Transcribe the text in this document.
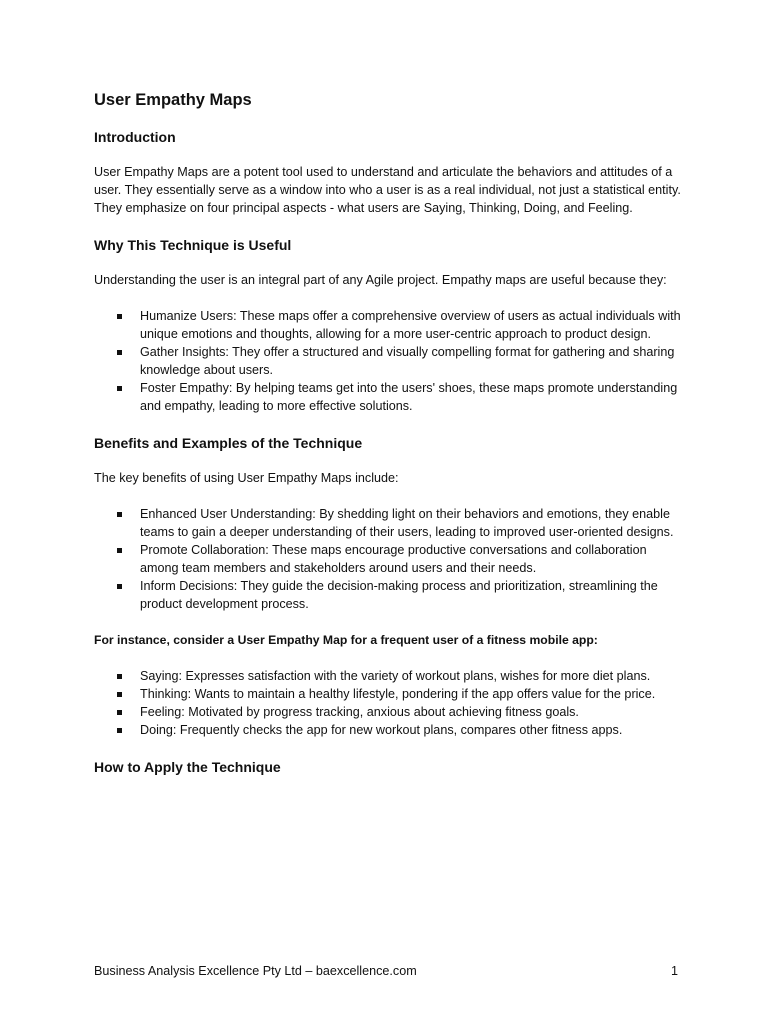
User Empathy Maps
Introduction

User Empathy Maps are a potent tool used to understand and articulate the behaviors and attitudes of a user. They essentially serve as a window into who a user is as a real individual, not just a statistical entity. They emphasize on four principal aspects - what users are Saying, Thinking, Doing, and Feeling.

Why This Technique is Useful

Understanding the user is an integral part of any Agile project. Empathy maps are useful because they:

Humanize Users: These maps offer a comprehensive overview of users as actual individuals with unique emotions and thoughts, allowing for a more user-centric approach to product design.
Gather Insights: They offer a structured and visually compelling format for gathering and sharing knowledge about users.
Foster Empathy: By helping teams get into the users' shoes, these maps promote understanding and empathy, leading to more effective solutions.
Benefits and Examples of the Technique

The key benefits of using User Empathy Maps include:

Enhanced User Understanding: By shedding light on their behaviors and emotions, they enable teams to gain a deeper understanding of their users, leading to improved user-oriented designs.
Promote Collaboration: These maps encourage productive conversations and collaboration among team members and stakeholders around users and their needs.
Inform Decisions: They guide the decision-making process and prioritization, streamlining the product development process.

For instance, consider a User Empathy Map for a frequent user of a fitness mobile app:

Saying: Expresses satisfaction with the variety of workout plans, wishes for more diet plans.
Thinking: Wants to maintain a healthy lifestyle, pondering if the app offers value for the price.
Feeling: Motivated by progress tracking, anxious about achieving fitness goals.
Doing: Frequently checks the app for new workout plans, compares other fitness apps.
How to Apply the Technique
Business Analysis Excellence Pty Ltd – baexcellence.com	1
